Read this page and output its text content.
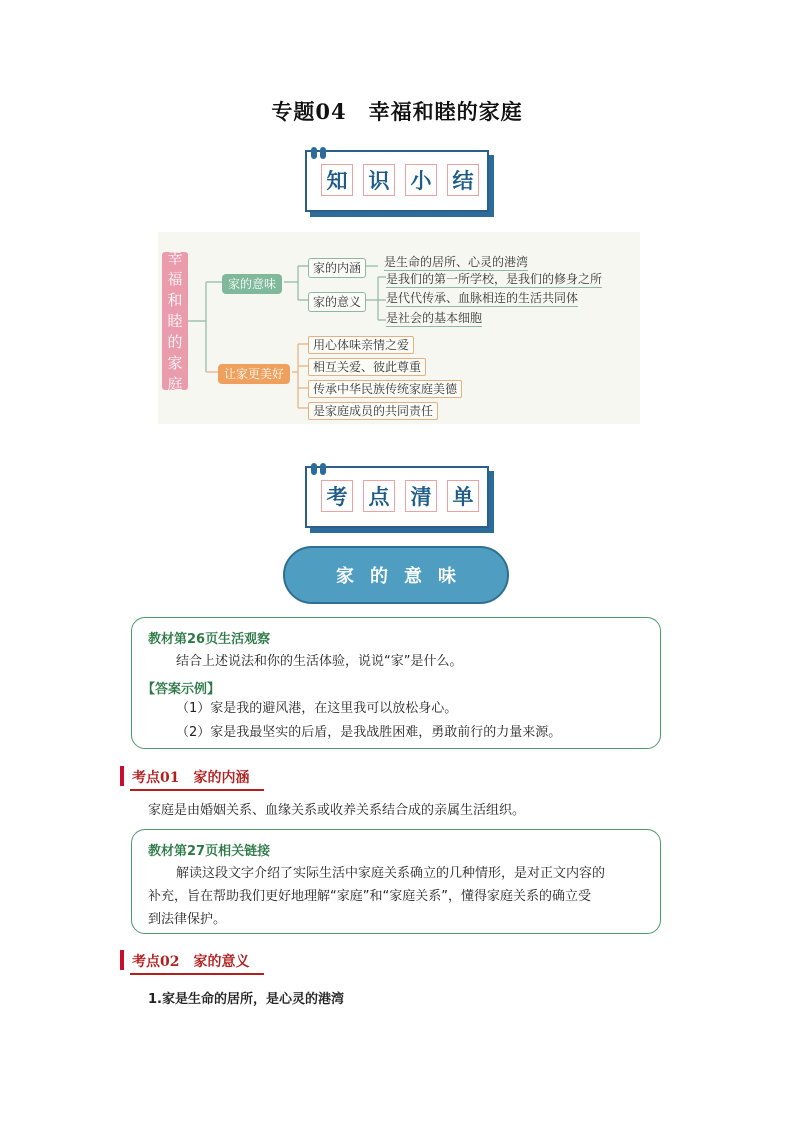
专题04　幸福和睦的家庭
知 识 小 结
幸
福
和
睦
的
家
庭
家的意味
家的内涵
家的意义
是生命的居所、心灵的港湾
是我们的第一所学校，是我们的修身之所
是代代传承、血脉相连的生活共同体
是社会的基本细胞
让家更美好
用心体味亲情之爱
相互关爱、彼此尊重
传承中华民族传统家庭美德
是家庭成员的共同责任
考 点 清 单
家的意味
教材第26页生活观察
结合上述说法和你的生活体验，说说“家”是什么。
【答案示例】
（1）家是我的避风港，在这里我可以放松身心。
（2）家是我最坚实的后盾，是我战胜困难，勇敢前行的力量来源。
考点01　家的内涵
家庭是由婚姻关系、血缘关系或收养关系结合成的亲属生活组织。
教材第27页相关链接
解读这段文字介绍了实际生活中家庭关系确立的几种情形，是对正文内容的
补充，旨在帮助我们更好地理解“家庭”和“家庭关系”，懂得家庭关系的确立受
到法律保护。
考点02　家的意义
1.家是生命的居所，是心灵的港湾
